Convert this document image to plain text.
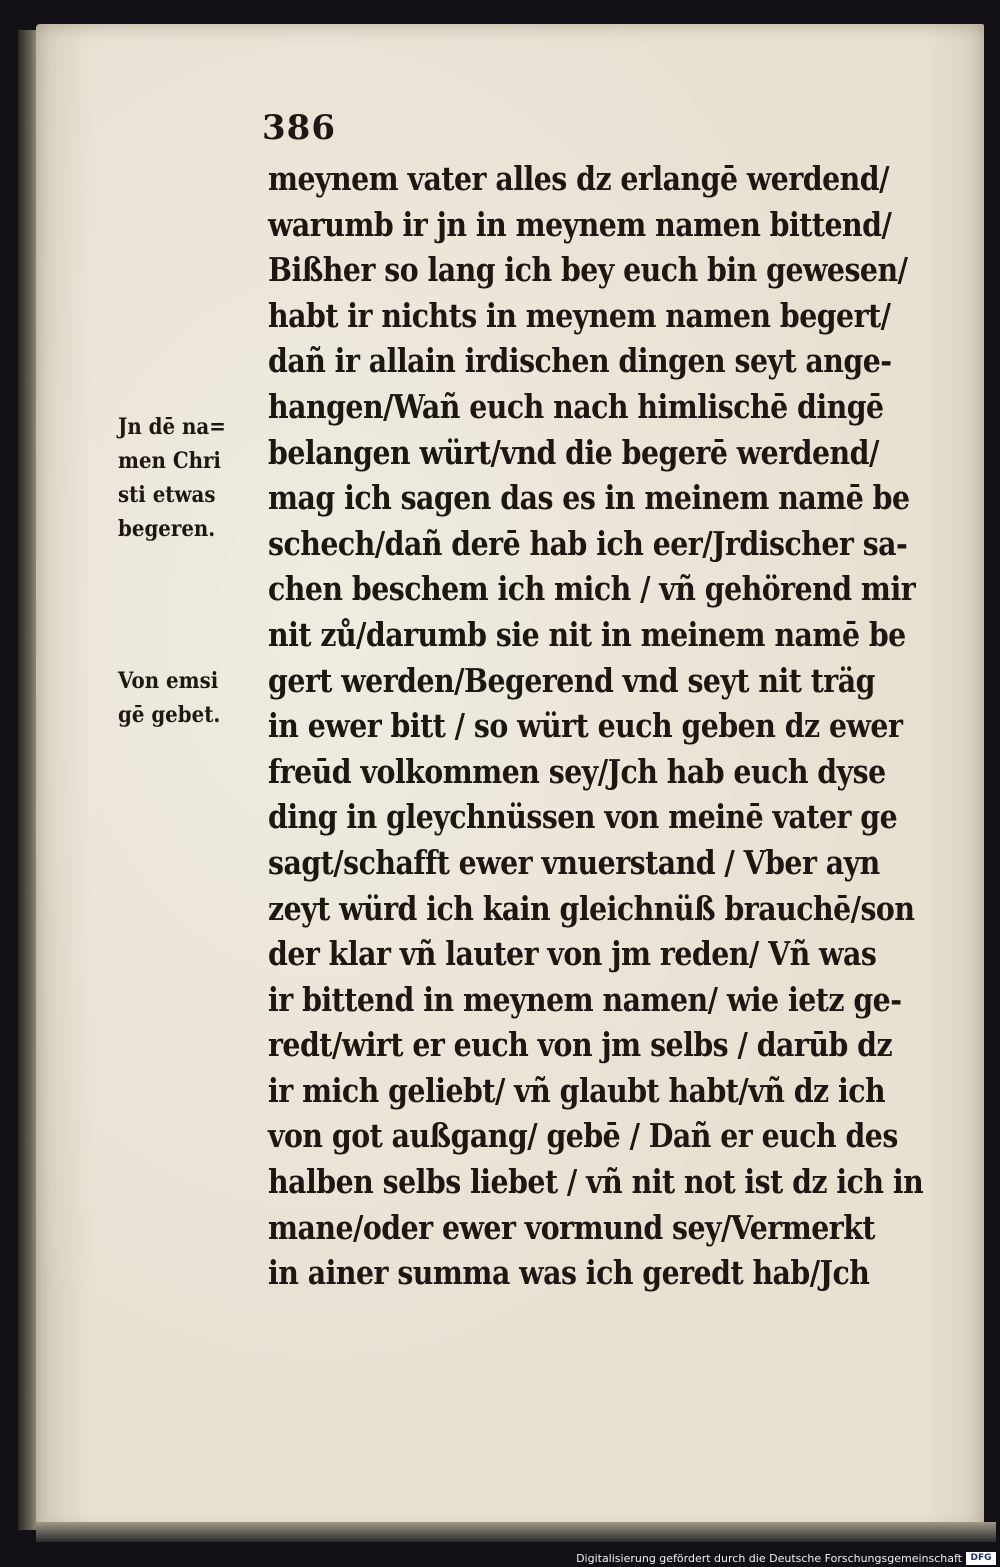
386
meynem vater alles dz erlangē werdend/
warumb ir jn in meynem namen bittend/
Bißher so lang ich bey euch bin gewesen/
habt ir nichts in meynem namen begert/
dañ ir allain irdischen dingen seyt ange-
hangen/Wañ euch nach himlischē dingē
belangen würt/vnd die begerē werdend/
mag ich sagen das es in meinem namē be
schech/dañ derē hab ich eer/Jrdischer sa-
chen beschem ich mich / vñ gehörend mir
nit zů/darumb sie nit in meinem namē be
gert werden/Begerend vnd seyt nit träg
in ewer bitt / so würt euch geben dz ewer
freūd volkommen sey/Jch hab euch dyse
ding in gleychnüssen von meinē vater ge
sagt/schafft ewer vnuerstand / Vber ayn
zeyt würd ich kain gleichnüß brauchē/son
der klar vñ lauter von jm reden/ Vñ was
ir bittend in meynem namen/ wie ietz ge-
redt/wirt er euch von jm selbs / darūb dz
ir mich geliebt/ vñ glaubt habt/vñ dz ich
von got außgang/ gebē / Dañ er euch des
halben selbs liebet / vñ nit not ist dz ich in
mane/oder ewer vormund sey/Vermerkt
in ainer summa was ich geredt hab/Jch
Jn dē na=
men Chri
sti etwas
begeren.
Von emsi
gē gebet.
Digitalisierung gefördert durch die Deutsche Forschungsgemeinschaft DFG
